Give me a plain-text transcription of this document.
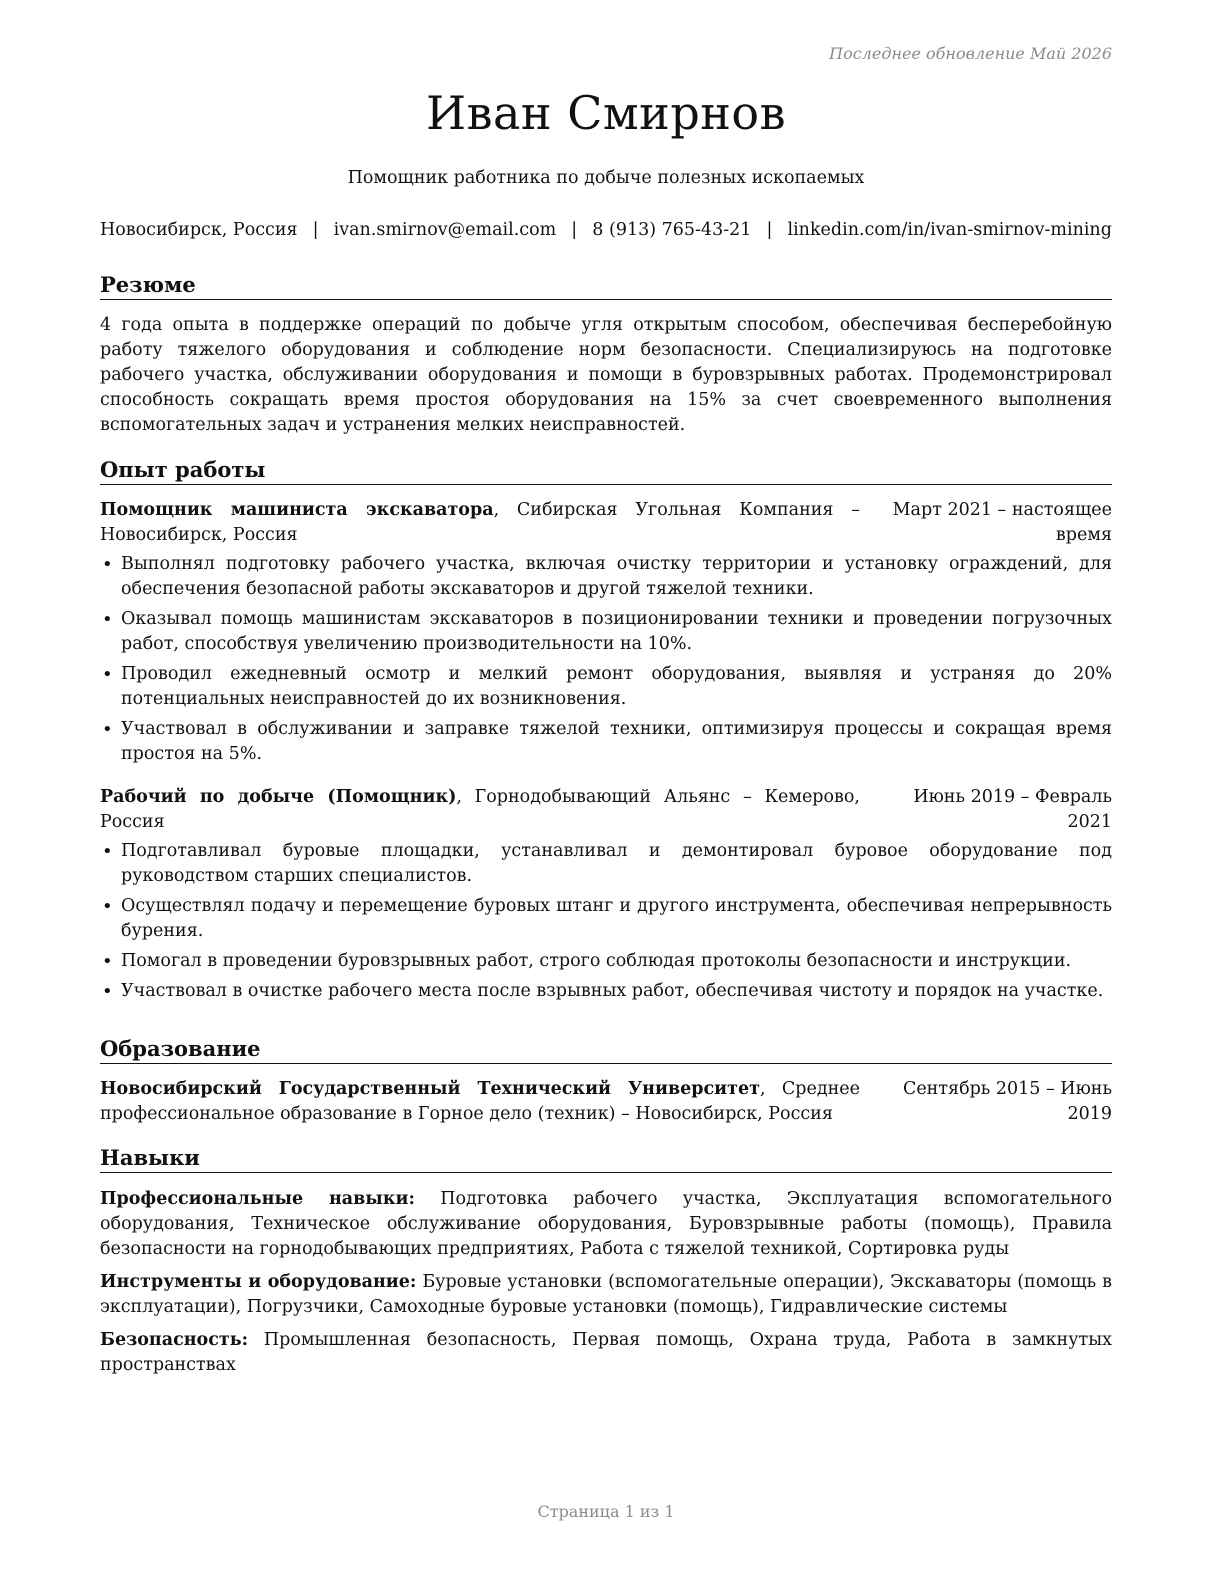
Последнее обновление Май 2026
Иван Смирнов
Помощник работника по добыче полезных ископаемых
Новосибирск, Россия | ivan.smirnov@email.com | 8 (913) 765-43-21 | linkedin.com/in/ivan-smirnov-mining
Резюме
4 года опыта в поддержке операций по добыче угля открытым способом, обеспечивая бесперебойную работу тяжелого оборудования и соблюдение норм безопасности. Специализируюсь на подготовке рабочего участка, обслуживании оборудования и помощи в буровзрывных работах. Продемонстрировал способность сокращать время простоя оборудования на 15% за счет своевременного выполнения вспомогательных задач и устранения мелких неисправностей.
Опыт работы
Помощник машиниста экскаватора, Сибирская Угольная Компания – Новосибирск, Россия
Март 2021 – настоящее время
• Выполнял подготовку рабочего участка, включая очистку территории и установку ограждений, для обеспечения безопасной работы экскаваторов и другой тяжелой техники.
• Оказывал помощь машинистам экскаваторов в позиционировании техники и проведении погрузочных работ, способствуя увеличению производительности на 10%.
• Проводил ежедневный осмотр и мелкий ремонт оборудования, выявляя и устраняя до 20% потенциальных неисправностей до их возникновения.
• Участвовал в обслуживании и заправке тяжелой техники, оптимизируя процессы и сокращая время простоя на 5%.
Рабочий по добыче (Помощник), Горнодобывающий Альянс – Кемерово, Россия
Июнь 2019 – Февраль 2021
• Подготавливал буровые площадки, устанавливал и демонтировал буровое оборудование под руководством старших специалистов.
• Осуществлял подачу и перемещение буровых штанг и другого инструмента, обеспечивая непрерывность бурения.
• Помогал в проведении буровзрывных работ, строго соблюдая протоколы безопасности и инструкции.
• Участвовал в очистке рабочего места после взрывных работ, обеспечивая чистоту и порядок на участке.
Образование
Новосибирский Государственный Технический Университет, Среднее профессиональное образование в Горное дело (техник) – Новосибирск, Россия
Сентябрь 2015 – Июнь 2019
Навыки
Профессиональные навыки: Подготовка рабочего участка, Эксплуатация вспомогательного оборудования, Техническое обслуживание оборудования, Буровзрывные работы (помощь), Правила безопасности на горнодобывающих предприятиях, Работа с тяжелой техникой, Сортировка руды
Инструменты и оборудование: Буровые установки (вспомогательные операции), Экскаваторы (помощь в эксплуатации), Погрузчики, Самоходные буровые установки (помощь), Гидравлические системы
Безопасность: Промышленная безопасность, Первая помощь, Охрана труда, Работа в замкнутых пространствах
Страница 1 из 1
